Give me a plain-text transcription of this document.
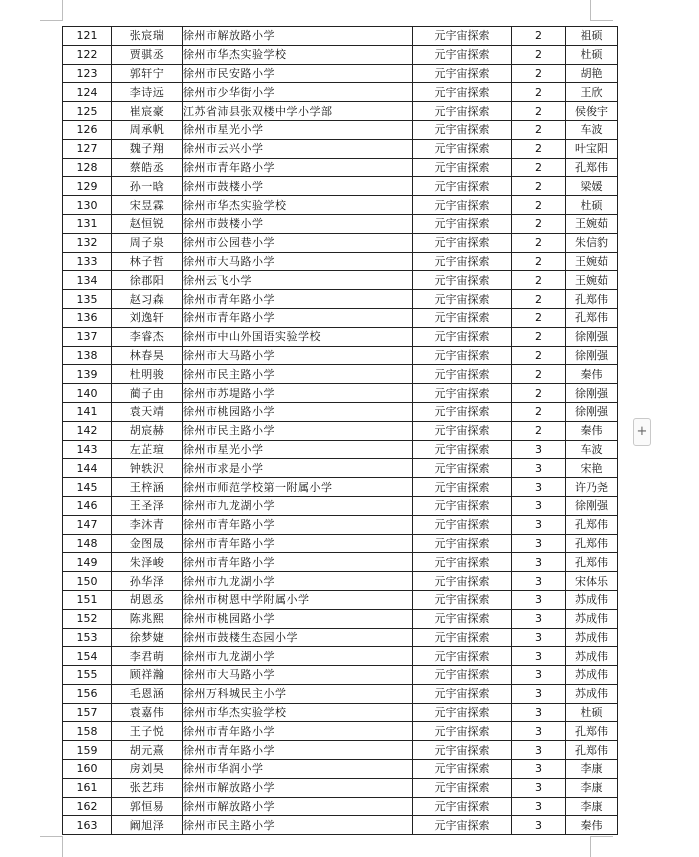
121	张宸瑞	徐州市解放路小学	元宇宙探索	2	祖硕
122	贾骐丞	徐州市华杰实验学校	元宇宙探索	2	杜硕
123	郭轩宁	徐州市民安路小学	元宇宙探索	2	胡艳
124	李诗远	徐州市少华街小学	元宇宙探索	2	王欣
125	崔宸豪	江苏省沛县张双楼中学小学部	元宇宙探索	2	侯俊宇
126	周承帆	徐州市星光小学	元宇宙探索	2	车波
127	魏子翔	徐州市云兴小学	元宇宙探索	2	叶宝阳
128	蔡皓丞	徐州市青年路小学	元宇宙探索	2	孔郑伟
129	孙一晗	徐州市鼓楼小学	元宇宙探索	2	梁媛
130	宋昱霖	徐州市华杰实验学校	元宇宙探索	2	杜硕
131	赵恒锐	徐州市鼓楼小学	元宇宙探索	2	王婉茹
132	周子泉	徐州市公园巷小学	元宇宙探索	2	朱信豹
133	林子哲	徐州市大马路小学	元宇宙探索	2	王婉茹
134	徐郡阳	徐州云飞小学	元宇宙探索	2	王婉茹
135	赵习森	徐州市青年路小学	元宇宙探索	2	孔郑伟
136	刘逸轩	徐州市青年路小学	元宇宙探索	2	孔郑伟
137	李睿杰	徐州市中山外国语实验学校	元宇宙探索	2	徐刚强
138	林春昊	徐州市大马路小学	元宇宙探索	2	徐刚强
139	杜明骏	徐州市民主路小学	元宇宙探索	2	秦伟
140	蔺子由	徐州市苏堤路小学	元宇宙探索	2	徐刚强
141	袁天靖	徐州市桃园路小学	元宇宙探索	2	徐刚强
142	胡宸赫	徐州市民主路小学	元宇宙探索	2	秦伟
143	左芷瑄	徐州市星光小学	元宇宙探索	3	车波
144	钟轶沢	徐州市求是小学	元宇宙探索	3	宋艳
145	王梓涵	徐州市师范学校第一附属小学	元宇宙探索	3	许乃尧
146	王圣泽	徐州市九龙湖小学	元宇宙探索	3	徐刚强
147	李沐青	徐州市青年路小学	元宇宙探索	3	孔郑伟
148	金图晟	徐州市青年路小学	元宇宙探索	3	孔郑伟
149	朱泽峻	徐州市青年路小学	元宇宙探索	3	孔郑伟
150	孙华泽	徐州市九龙湖小学	元宇宙探索	3	宋体乐
151	胡恩丞	徐州市树恩中学附属小学	元宇宙探索	3	苏成伟
152	陈兆熙	徐州市桃园路小学	元宇宙探索	3	苏成伟
153	徐梦婕	徐州市鼓楼生态园小学	元宇宙探索	3	苏成伟
154	李君萌	徐州市九龙湖小学	元宇宙探索	3	苏成伟
155	顾祥瀚	徐州市大马路小学	元宇宙探索	3	苏成伟
156	毛恩涵	徐州万科城民主小学	元宇宙探索	3	苏成伟
157	袁嘉伟	徐州市华杰实验学校	元宇宙探索	3	杜硕
158	王子悦	徐州市青年路小学	元宇宙探索	3	孔郑伟
159	胡元熹	徐州市青年路小学	元宇宙探索	3	孔郑伟
160	房刘昊	徐州市华润小学	元宇宙探索	3	李康
161	张艺玮	徐州市解放路小学	元宇宙探索	3	李康
162	郭恒易	徐州市解放路小学	元宇宙探索	3	李康
163	阚旭泽	徐州市民主路小学	元宇宙探索	3	秦伟
+
